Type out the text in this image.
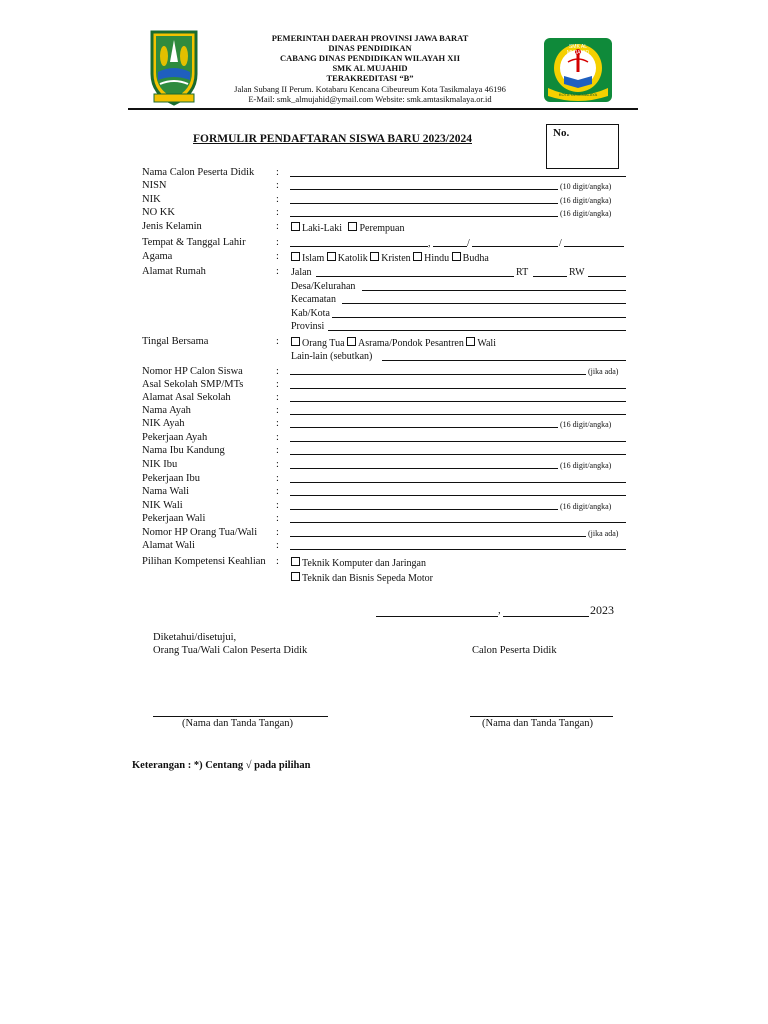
SMK AL MUJAHID
KOTA TASIKMALAYA
PEMERINTAH DAERAH PROVINSI JAWA BARAT
DINAS PENDIDIKAN
CABANG DINAS PENDIDIKAN WILAYAH XII
SMK AL MUJAHID
TERAKREDITASI “B”
Jalan Subang II Perum. Kotabaru Kencana Cibeureum Kota Tasikmalaya 46196
E-Mail: smk_almujahid@ymail.com Website: smk.amtasikmalaya.or.id
FORMULIR PENDAFTARAN SISWA BARU 2023/2024	No.
Nama Calon Peserta Didik :
NISN	:	(10 digit/angka)
NIK	:	(16 digit/angka)
NO KK	:	(16 digit/angka)
Jenis Kelamin	:	Laki-Laki Perempuan
Tempat & Tanggal Lahir	:	,	/	/
Agama	:	Islam Katolik Kristen Hindu Budha
Alamat Rumah	: Jalan	RT	RW
Desa/Kelurahan
Kecamatan
Kab/Kota
Provinsi
Tingal Bersama	:	Orang Tua Asrama/Pondok Pesantren Wali
Lain-lain (sebutkan)
Nomor HP Calon Siswa	:	(jika ada)
Asal Sekolah SMP/MTs	:
Alamat Asal Sekolah	:
Nama Ayah	:
NIK Ayah	:	(16 digit/angka)
Pekerjaan Ayah	:
Nama Ibu Kandung	:
NIK Ibu	:	(16 digit/angka)
Pekerjaan Ibu	:
Nama Wali	:
NIK Wali	:	(16 digit/angka)
Pekerjaan Wali	:
Nomor HP Orang Tua/Wali :	(jika ada)
Alamat Wali	:
Pilihan Kompetensi Keahlian :	Teknik Komputer dan Jaringan
Teknik dan Bisnis Sepeda Motor
,	2023
Diketahui/disetujui,
Orang Tua/Wali Calon Peserta Didik	Calon Peserta Didik
(Nama dan Tanda Tangan)	(Nama dan Tanda Tangan)
Keterangan : *) Centang √ pada pilihan
